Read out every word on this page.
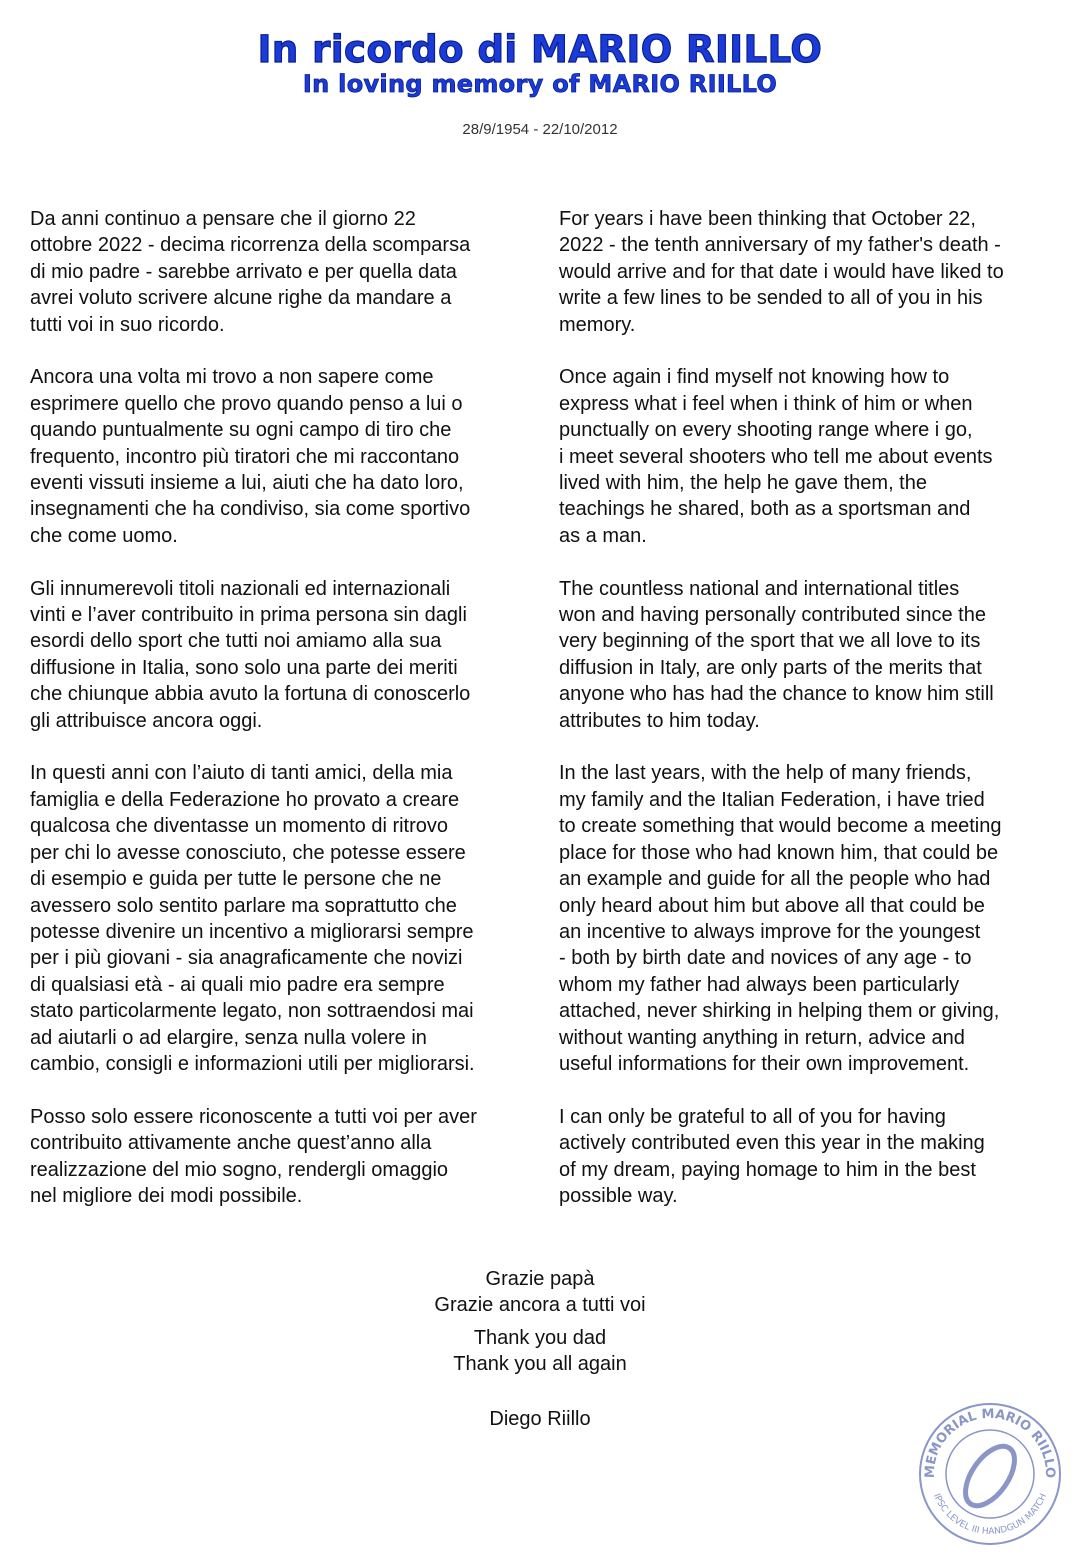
In ricordo di MARIO RIILLO
In loving memory of MARIO RIILLO
28/9/1954 - 22/10/2012

Da anni continuo a pensare che il giorno 22
ottobre 2022 - decima ricorrenza della scomparsa
di mio padre - sarebbe arrivato e per quella data
avrei voluto scrivere alcune righe da mandare a
tutti voi in suo ricordo.

Ancora una volta mi trovo a non sapere come
esprimere quello che provo quando penso a lui o
quando puntualmente su ogni campo di tiro che
frequento, incontro più tiratori che mi raccontano
eventi vissuti insieme a lui, aiuti che ha dato loro,
insegnamenti che ha condiviso, sia come sportivo
che come uomo.

Gli innumerevoli titoli nazionali ed internazionali
vinti e l’aver contribuito in prima persona sin dagli
esordi dello sport che tutti noi amiamo alla sua
diffusione in Italia, sono solo una parte dei meriti
che chiunque abbia avuto la fortuna di conoscerlo
gli attribuisce ancora oggi.

In questi anni con l’aiuto di tanti amici, della mia
famiglia e della Federazione ho provato a creare
qualcosa che diventasse un momento di ritrovo
per chi lo avesse conosciuto, che potesse essere
di esempio e guida per tutte le persone che ne
avessero solo sentito parlare ma soprattutto che
potesse divenire un incentivo a migliorarsi sempre
per i più giovani - sia anagraficamente che novizi
di qualsiasi età - ai quali mio padre era sempre
stato particolarmente legato, non sottraendosi mai
ad aiutarli o ad elargire, senza nulla volere in
cambio, consigli e informazioni utili per migliorarsi.

Posso solo essere riconoscente a tutti voi per aver
contribuito attivamente anche quest’anno alla
realizzazione del mio sogno, rendergli omaggio
nel migliore dei modi possibile.

For years i have been thinking that October 22,
2022 - the tenth anniversary of my father's death -
would arrive and for that date i would have liked to
write a few lines to be sended to all of you in his
memory.

Once again i find myself not knowing how to
express what i feel when i think of him or when
punctually on every shooting range where i go,
i meet several shooters who tell me about events
lived with him, the help he gave them, the
teachings he shared, both as a sportsman and
as a man.

The countless national and international titles
won and having personally contributed since the
very beginning of the sport that we all love to its
diffusion in Italy, are only parts of the merits that
anyone who has had the chance to know him still
attributes to him today.

In the last years, with the help of many friends,
my family and the Italian Federation, i have tried
to create something that would become a meeting
place for those who had known him, that could be
an example and guide for all the people who had
only heard about him but above all that could be
an incentive to always improve for the youngest
- both by birth date and novices of any age - to
whom my father had always been particularly
attached, never shirking in helping them or giving,
without wanting anything in return, advice and
useful informations for their own improvement.

I can only be grateful to all of you for having
actively contributed even this year in the making
of my dream, paying homage to him in the best
possible way.

Grazie papà
Grazie ancora a tutti voi
Thank you dad
Thank you all again
Diego Riillo
MEMORIAL MARIO RIILLO
IPSC LEVEL III HANDGUN MATCH
